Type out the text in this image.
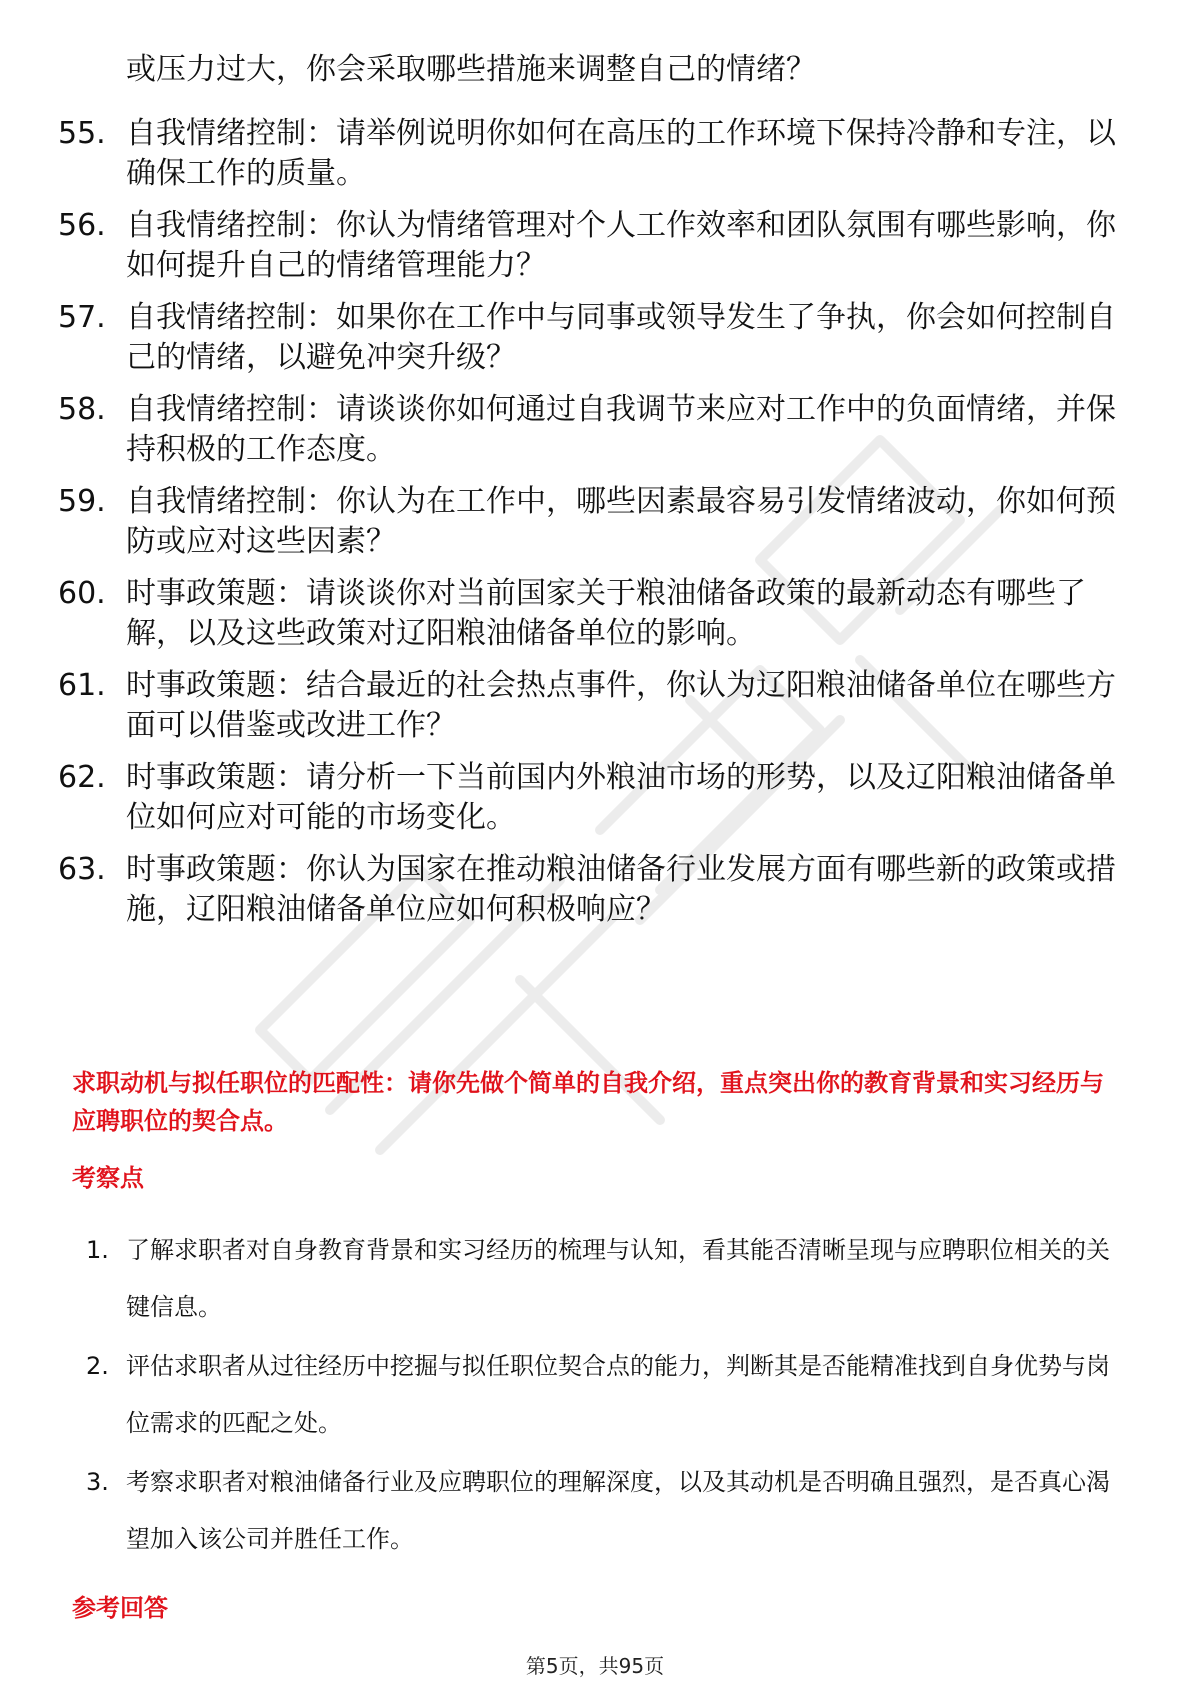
或压力过大，你会采取哪些措施来调整自己的情绪？
55. 自我情绪控制：请举例说明你如何在高压的工作环境下保持冷静和专注，以确保工作的质量。
56. 自我情绪控制：你认为情绪管理对个人工作效率和团队氛围有哪些影响，你如何提升自己的情绪管理能力？
57. 自我情绪控制：如果你在工作中与同事或领导发生了争执，你会如何控制自己的情绪，以避免冲突升级？
58. 自我情绪控制：请谈谈你如何通过自我调节来应对工作中的负面情绪，并保持积极的工作态度。
59. 自我情绪控制：你认为在工作中，哪些因素最容易引发情绪波动，你如何预防或应对这些因素？
60. 时事政策题：请谈谈你对当前国家关于粮油储备政策的最新动态有哪些了解，以及这些政策对辽阳粮油储备单位的影响。
61. 时事政策题：结合最近的社会热点事件，你认为辽阳粮油储备单位在哪些方面可以借鉴或改进工作？
62. 时事政策题：请分析一下当前国内外粮油市场的形势，以及辽阳粮油储备单位如何应对可能的市场变化。
63. 时事政策题：你认为国家在推动粮油储备行业发展方面有哪些新的政策或措施，辽阳粮油储备单位应如何积极响应？
求职动机与拟任职位的匹配性：请你先做个简单的自我介绍，重点突出你的教育背景和实习经历与应聘职位的契合点。
考察点
1. 了解求职者对自身教育背景和实习经历的梳理与认知，看其能否清晰呈现与应聘职位相关的关键信息。
2. 评估求职者从过往经历中挖掘与拟任职位契合点的能力，判断其是否能精准找到自身优势与岗位需求的匹配之处。
3. 考察求职者对粮油储备行业及应聘职位的理解深度，以及其动机是否明确且强烈，是否真心渴望加入该公司并胜任工作。
参考回答
第5页，共95页
